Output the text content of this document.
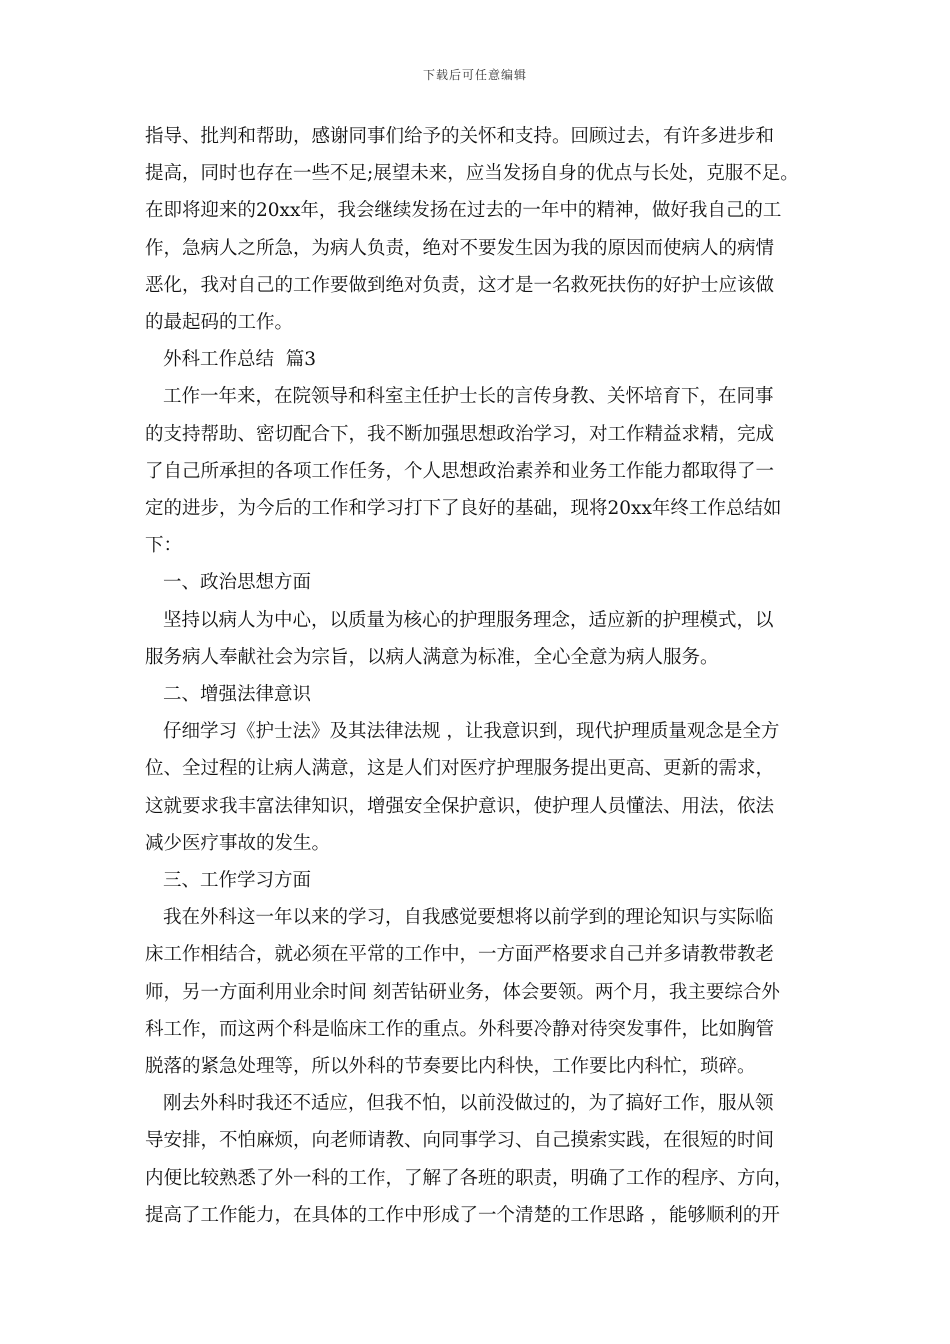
下载后可任意编辑
指导、批判和帮助，感谢同事们给予的关怀和支持。回顾过去，有许多进步和
提高，同时也存在一些不足;展望未来，应当发扬自身的优点与长处，克服不足。
在即将迎来的20xx年，我会继续发扬在过去的一年中的精神，做好我自己的工
作，急病人之所急，为病人负责，绝对不要发生因为我的原因而使病人的病情
恶化，我对自己的工作要做到绝对负责，这才是一名救死扶伤的好护士应该做
的最起码的工作。
外科工作总结  篇3
工作一年来，在院领导和科室主任护士长的言传身教、关怀培育下，在同事
的支持帮助、密切配合下，我不断加强思想政治学习，对工作精益求精，完成
了自己所承担的各项工作任务，个人思想政治素养和业务工作能力都取得了一
定的进步，为今后的工作和学习打下了良好的基础，现将20xx年终工作总结如
下：
一、政治思想方面
坚持以病人为中心，以质量为核心的护理服务理念，适应新的护理模式，以
服务病人奉献社会为宗旨，以病人满意为标准，全心全意为病人服务。
二、增强法律意识
仔细学习《护士法》及其法律法规 ，让我意识到，现代护理质量观念是全方
位、全过程的让病人满意，这是人们对医疗护理服务提出更高、更新的需求，
这就要求我丰富法律知识，增强安全保护意识，使护理人员懂法、用法，依法
减少医疗事故的发生。
三、工作学习方面
我在外科这一年以来的学习，自我感觉要想将以前学到的理论知识与实际临
床工作相结合，就必须在平常的工作中，一方面严格要求自己并多请教带教老
师，另一方面利用业余时间 刻苦钻研业务，体会要领。两个月，我主要综合外
科工作，而这两个科是临床工作的重点。外科要冷静对待突发事件，比如胸管
脱落的紧急处理等，所以外科的节奏要比内科快，工作要比内科忙，琐碎。
刚去外科时我还不适应，但我不怕，以前没做过的，为了搞好工作，服从领
导安排，不怕麻烦，向老师请教、向同事学习、自己摸索实践，在很短的时间
内便比较熟悉了外一科的工作，了解了各班的职责，明确了工作的程序、方向，
提高了工作能力，在具体的工作中形成了一个清楚的工作思路 ，能够顺利的开
